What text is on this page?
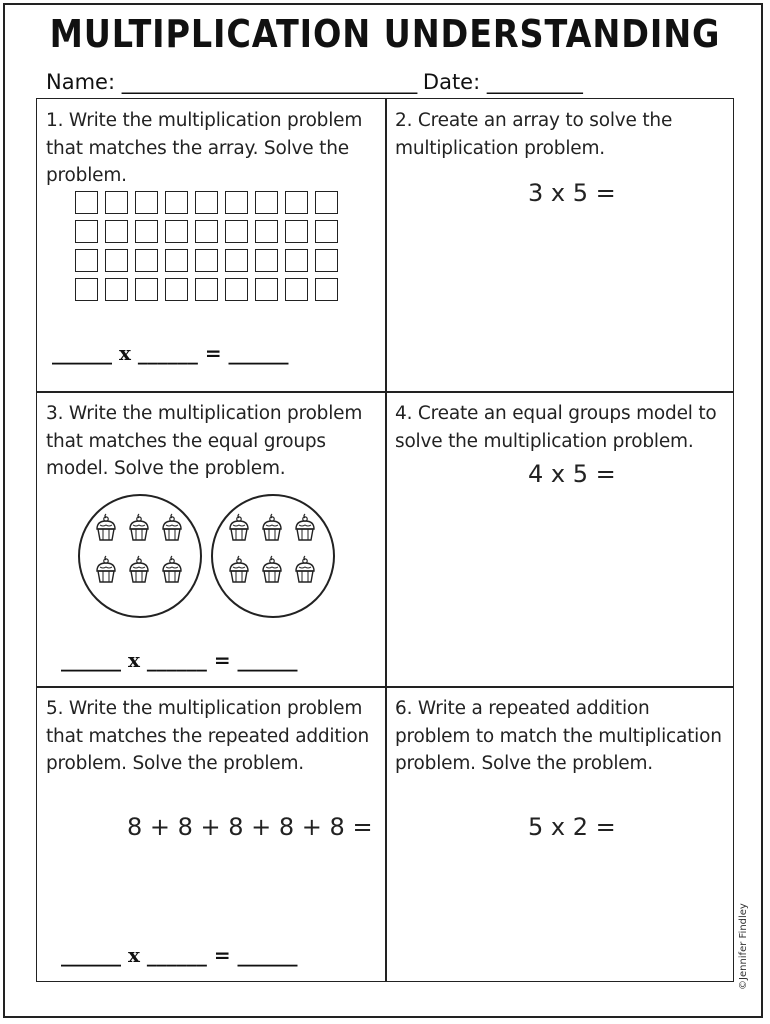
MULTIPLICATION UNDERSTANDING
Name: _______________________________ Date: __________
1. Write the multiplication problem that matches the array. Solve the problem.
______ x ______ = ______
2. Create an array to solve the multiplication problem.
3 x 5 =
3. Write the multiplication problem that matches the equal groups model. Solve the problem.
______ x ______ = ______
4. Create an equal groups model to solve the multiplication problem.
4 x 5 =
5. Write the multiplication problem that matches the repeated addition problem. Solve the problem.
8 + 8 + 8 + 8 + 8 =
______ x ______ = ______
6. Write a repeated addition problem to match the multiplication problem. Solve the problem.
5 x 2 =
©Jennifer Findley
